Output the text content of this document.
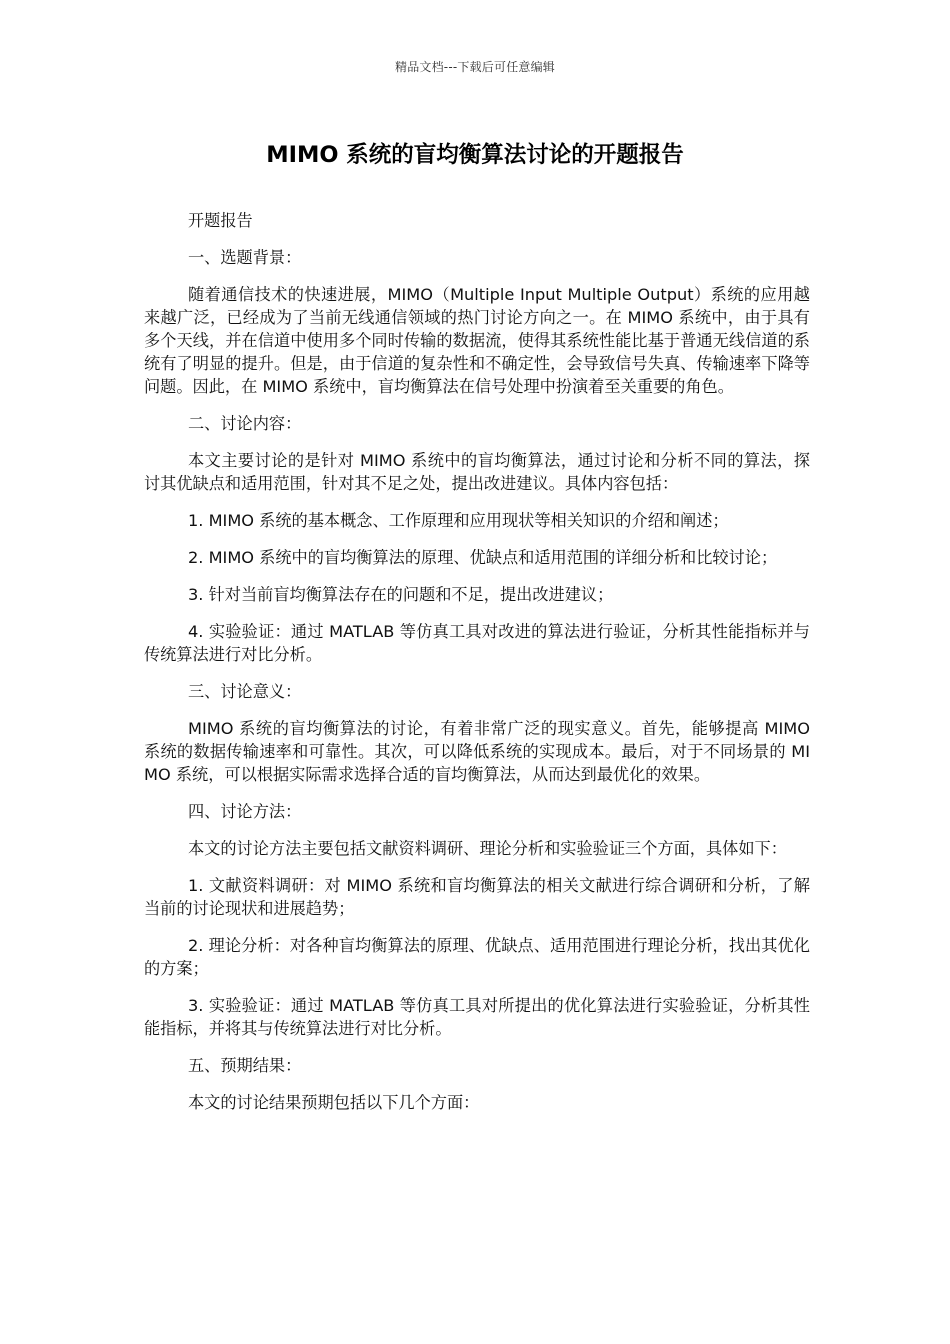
精品文档---下载后可任意编辑
MIMO 系统的盲均衡算法讨论的开题报告

开题报告

一、选题背景：

随着通信技术的快速进展，MIMO（Multiple Input Multiple Output）系统的应用越来越广泛，已经成为了当前无线通信领域的热门讨论方向之一。在 MIMO 系统中，由于具有多个天线，并在信道中使用多个同时传输的数据流，使得其系统性能比基于普通无线信道的系统有了明显的提升。但是，由于信道的复杂性和不确定性，会导致信号失真、传输速率下降等问题。因此，在 MIMO 系统中，盲均衡算法在信号处理中扮演着至关重要的角色。

二、讨论内容：

本文主要讨论的是针对 MIMO 系统中的盲均衡算法，通过讨论和分析不同的算法，探讨其优缺点和适用范围，针对其不足之处，提出改进建议。具体内容包括：

1. MIMO 系统的基本概念、工作原理和应用现状等相关知识的介绍和阐述；

2. MIMO 系统中的盲均衡算法的原理、优缺点和适用范围的详细分析和比较讨论；

3. 针对当前盲均衡算法存在的问题和不足，提出改进建议；

4. 实验验证：通过 MATLAB 等仿真工具对改进的算法进行验证，分析其性能指标并与传统算法进行对比分析。

三、讨论意义：

MIMO 系统的盲均衡算法的讨论，有着非常广泛的现实意义。首先，能够提高 MIMO 系统的数据传输速率和可靠性。其次，可以降低系统的实现成本。最后，对于不同场景的 MIMO 系统，可以根据实际需求选择合适的盲均衡算法，从而达到最优化的效果。

四、讨论方法：

本文的讨论方法主要包括文献资料调研、理论分析和实验验证三个方面，具体如下：

1. 文献资料调研：对 MIMO 系统和盲均衡算法的相关文献进行综合调研和分析，了解当前的讨论现状和进展趋势；

2. 理论分析：对各种盲均衡算法的原理、优缺点、适用范围进行理论分析，找出其优化的方案；

3. 实验验证：通过 MATLAB 等仿真工具对所提出的优化算法进行实验验证，分析其性能指标，并将其与传统算法进行对比分析。

五、预期结果：

本文的讨论结果预期包括以下几个方面：
